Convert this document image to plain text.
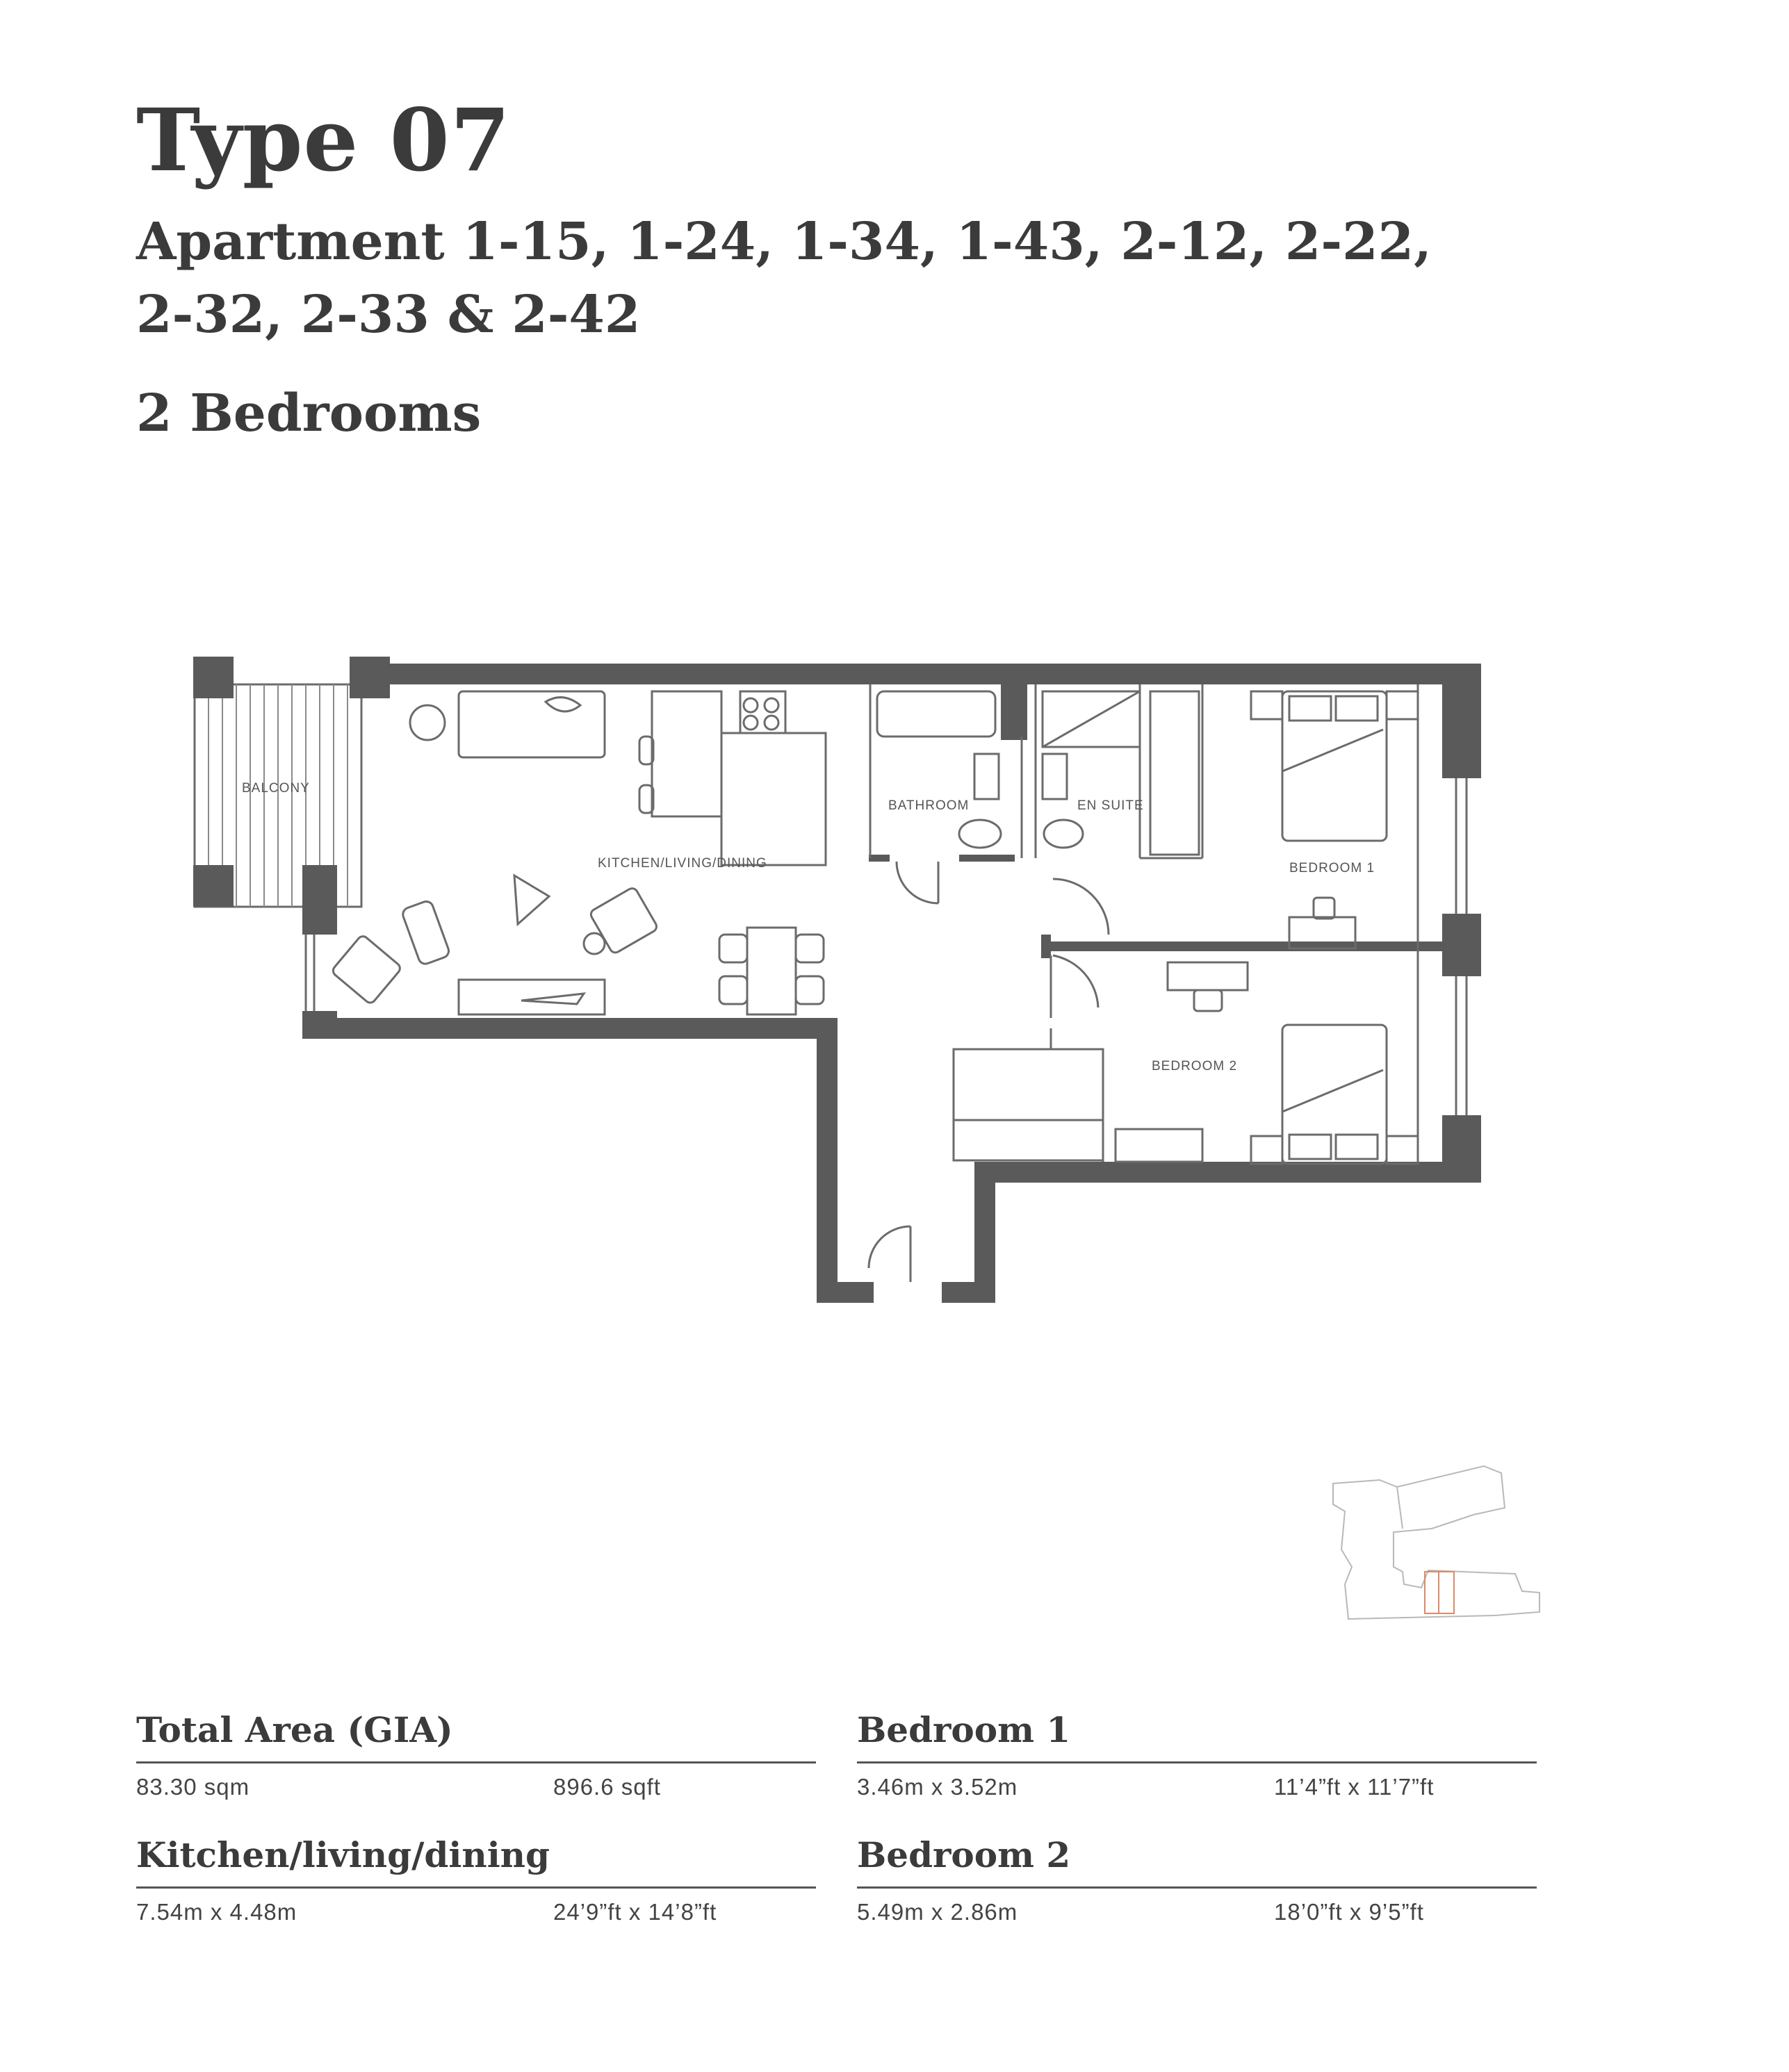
Type 07
Apartment 1-15, 1-24, 1-34, 1-43, 2-12, 2-22,
2-32, 2-33 & 2-42
2 Bedrooms
BALCONY
KITCHEN/LIVING/DINING
BATHROOM	EN SUITE
BEDROOM 1
BEDROOM 2
Total Area (GIA)
83.30 sqm	896.6 sqft
Kitchen/living/dining
7.54m x 4.48m	24’9”ft x 14’8”ft
Bedroom 1
3.46m x 3.52m	11’4”ft x 11’7”ft
Bedroom 2
5.49m x 2.86m	18’0”ft x 9’5”ft
